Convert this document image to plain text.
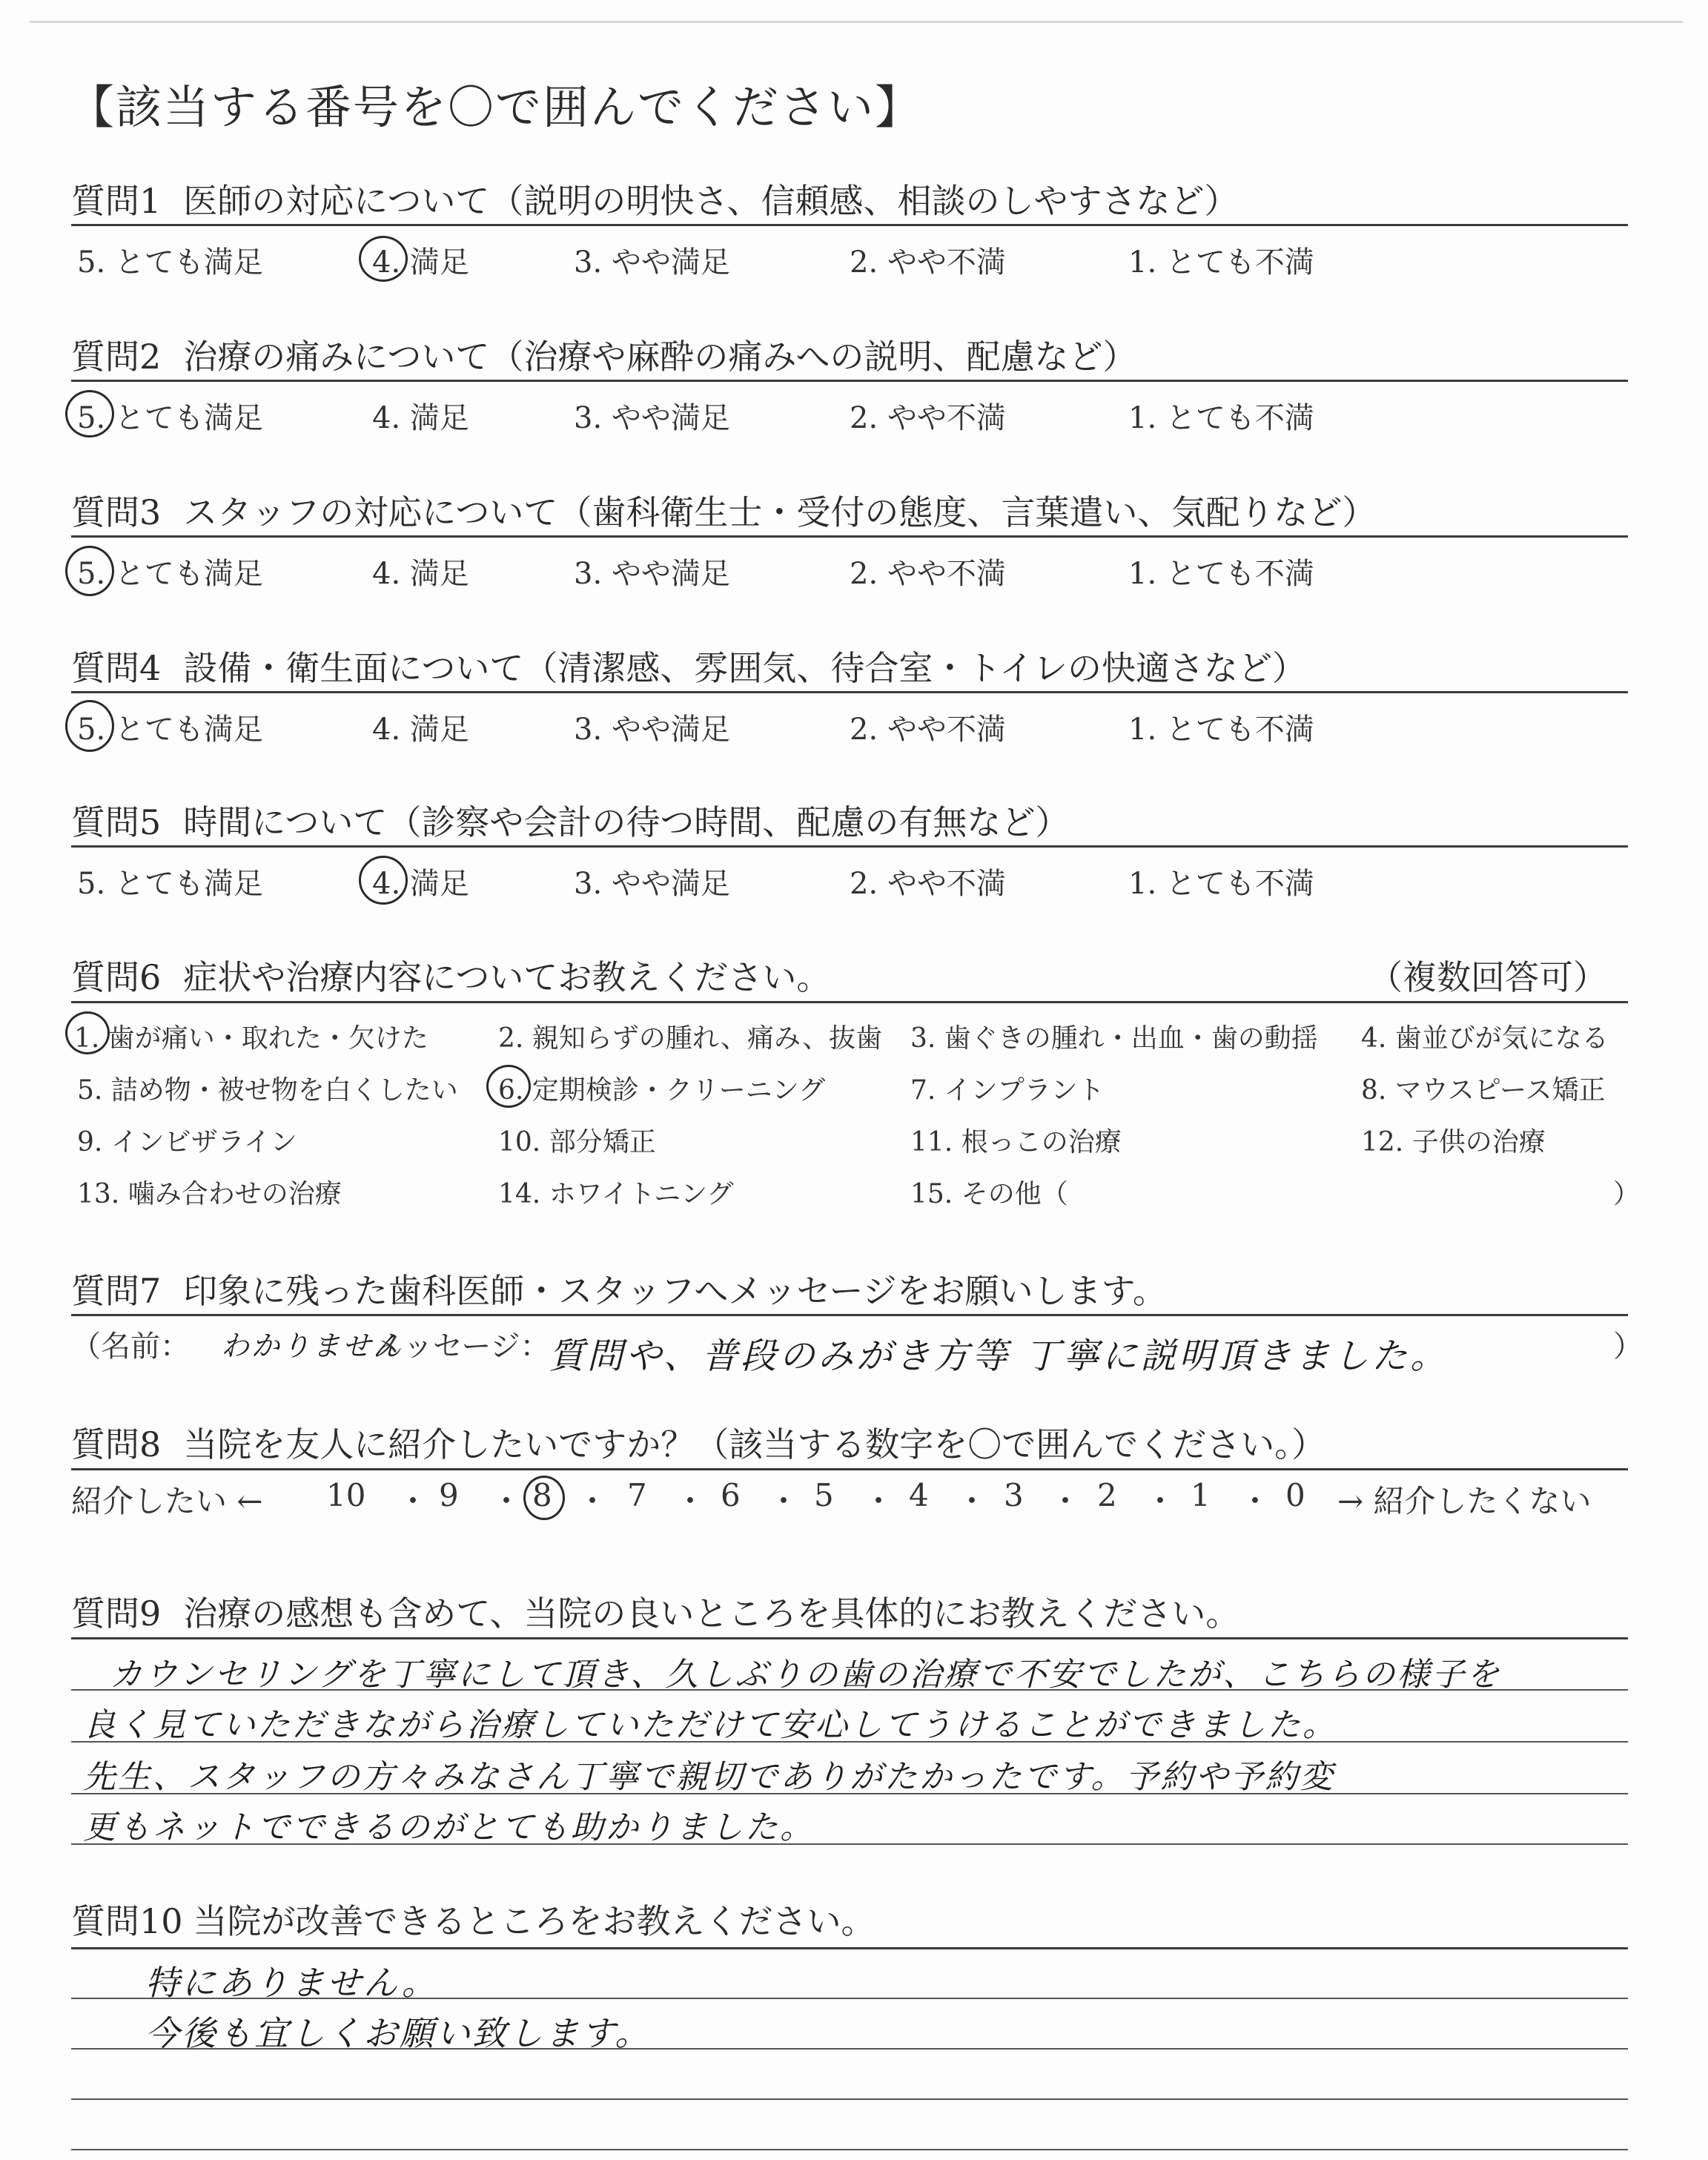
【該当する番号を〇で囲んでください】
質問1 医師の対応について（説明の明快さ、信頼感、相談のしやすさなど）
5. とても満足	4. 満足	3. やや満足	2. やや不満	1. とても不満
質問2 治療の痛みについて（治療や麻酔の痛みへの説明、配慮など）
5. とても満足	4. 満足	3. やや満足	2. やや不満	1. とても不満
質問3 スタッフの対応について（歯科衛生士・受付の態度、言葉遣い、気配りなど）
5. とても満足	4. 満足	3. やや満足	2. やや不満	1. とても不満
質問4 設備・衛生面について（清潔感、雰囲気、待合室・トイレの快適さなど）
5. とても満足	4. 満足	3. やや満足	2. やや不満	1. とても不満
質問5 時間について（診察や会計の待つ時間、配慮の有無など）
5. とても満足	4. 満足	3. やや満足	2. やや不満	1. とても不満
質問6 症状や治療内容についてお教えください。	（複数回答可）
1. 歯が痛い・取れた・欠けた	2. 親知らずの腫れ、痛み、抜歯 3. 歯ぐきの腫れ・出血・歯の動揺 4. 歯並びが気になる
5. 詰め物・被せ物を白くしたい 6. 定期検診・クリーニング	7. インプラント	8. マウスピース矯正
9. インビザライン	10. 部分矯正	11. 根っこの治療	12. 子供の治療
13. 噛み合わせの治療	14. ホワイトニング	15. その他（	）
質問7 印象に残った歯科医師・スタッフへメッセージをお願いします。
（名前： わかりません
メッセージ：
質問や、普段のみがき方等 丁寧に説明頂きました。	）
質問8 当院を友人に紹介したいですか？（該当する数字を〇で囲んでください。）
紹介したい ← 10 ・ 9 ・ 8 ・ 7 ・ 6 ・ 5 ・ 4 ・ 3 ・ 2 ・ 1 ・ 0 → 紹介したくない
質問9 治療の感想も含めて、当院の良いところを具体的にお教えください。
カウンセリングを丁寧にして頂き、久しぶりの歯の治療で不安でしたが、こちらの様子を
良く見ていただきながら治療していただけて安心してうけることができました。
先生、スタッフの方々みなさん丁寧で親切でありがたかったです。予約や予約変
更もネットでできるのがとても助かりました。
質問10 当院が改善できるところをお教えください。
特にありません。
今後も宜しくお願い致します。
